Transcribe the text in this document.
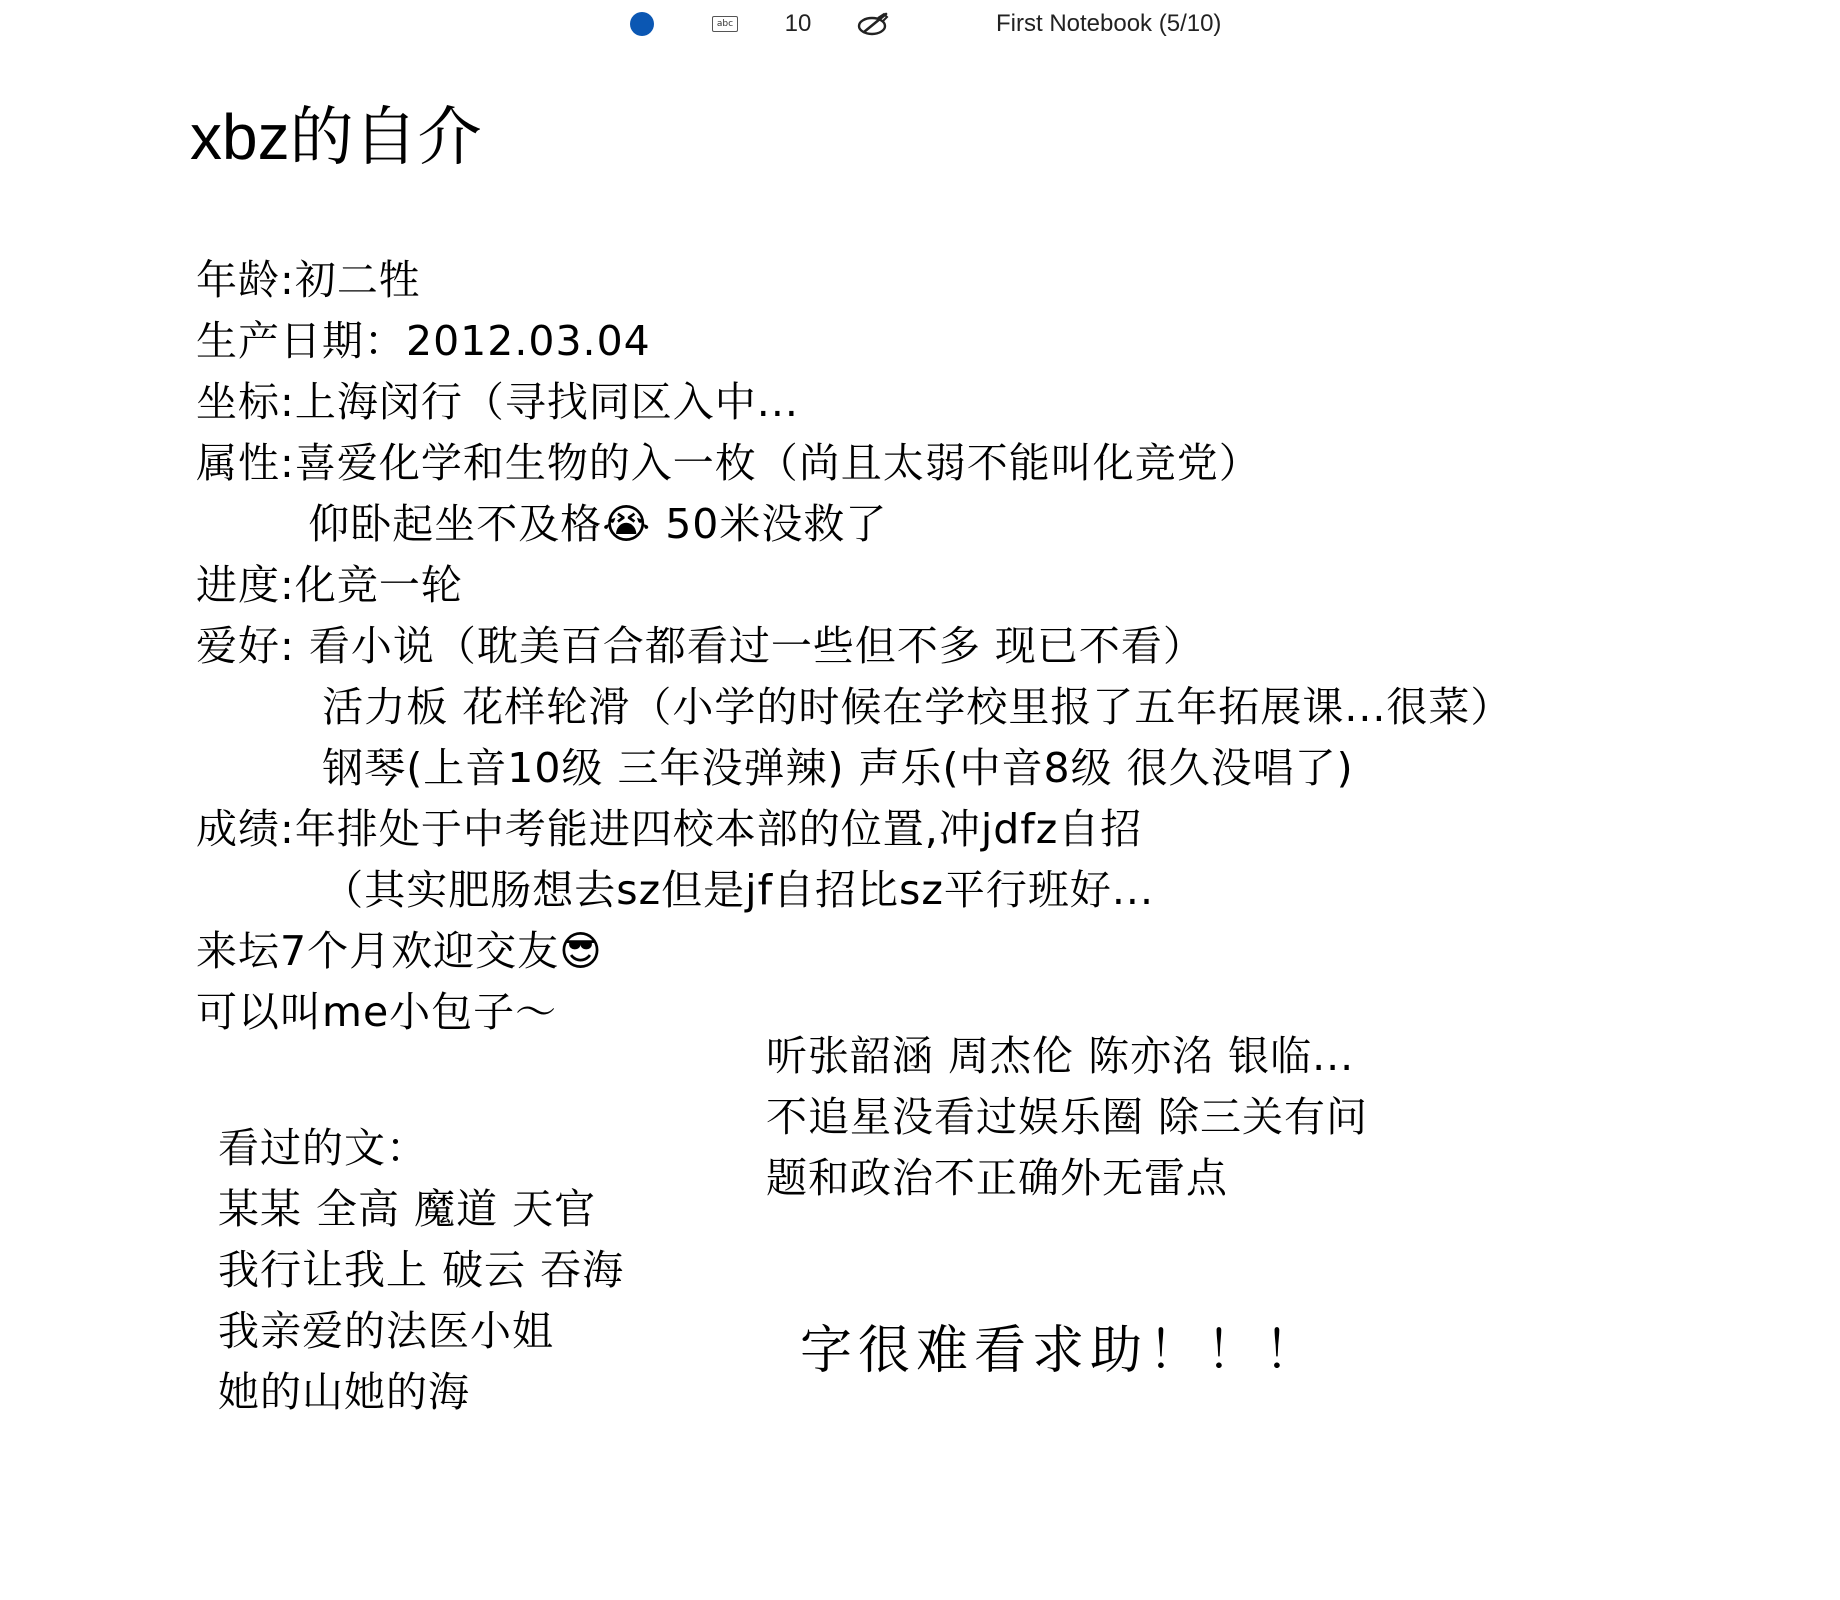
abc 10	First Notebook (5/10)
xbz的自介
年龄:初二牲
生产日期：2012.03.04
坐标:上海闵行（寻找同区入中...
属性:喜爱化学和生物的入一枚（尚且太弱不能叫化竞党）
仰卧起坐不及格😭 50米没救了
进度:化竞一轮
爱好: 看小说（耽美百合都看过一些但不多 现已不看）
活力板 花样轮滑（小学的时候在学校里报了五年拓展课...很菜）
钢琴(上音10级 三年没弹辣) 声乐(中音8级 很久没唱了)
成绩:年排处于中考能进四校本部的位置,冲jdfz自招
（其实肥肠想去sz但是jf自招比sz平行班好...
来坛7个月欢迎交友😎
可以叫me小包子～
听张韶涵 周杰伦 陈亦洺 银临...
不追星没看过娱乐圈 除三关有问
题和政治不正确外无雷点
看过的文：
某某 全高 魔道 天官
我行让我上 破云 吞海
我亲爱的法医小姐
她的山她的海
字很难看求助！！！
